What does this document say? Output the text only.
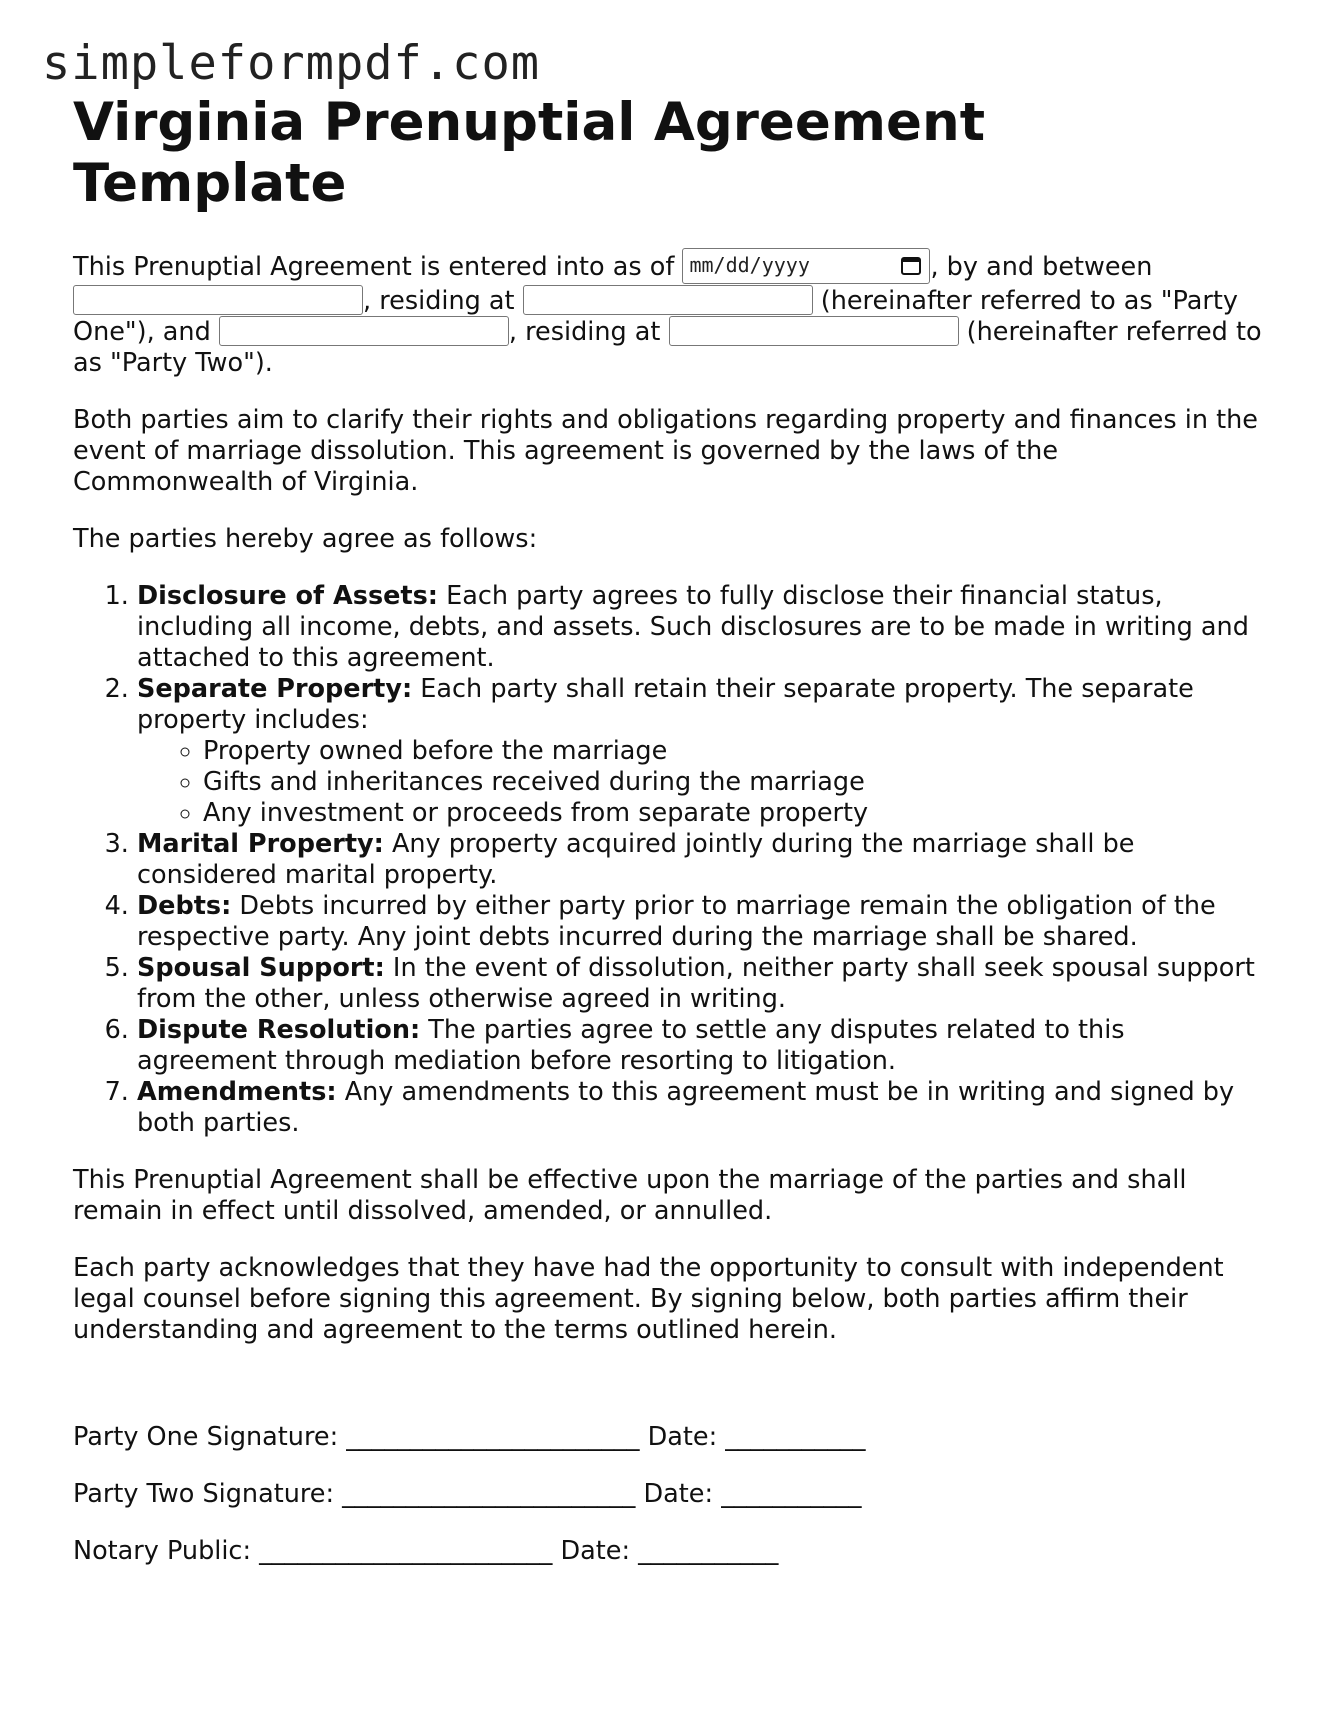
simpleformpdf.com
Virginia Prenuptial Agreement Template

This Prenuptial Agreement is entered into as of mm/dd/yyyy	, by and between , residing at	(hereinafter referred to as "Party One"), and	, residing at	(hereinafter referred to as "Party Two").

Both parties aim to clarify their rights and obligations regarding property and finances in the event of marriage dissolution. This agreement is governed by the laws of the Commonwealth of Virginia.

The parties hereby agree as follows:

1. Disclosure of Assets: Each party agrees to fully disclose their financial status, including all income, debts, and assets. Such disclosures are to be made in writing and attached to this agreement.
2. Separate Property: Each party shall retain their separate property. The separate property includes:
◦ Property owned before the marriage
◦ Gifts and inheritances received during the marriage
◦ Any investment or proceeds from separate property
3. Marital Property: Any property acquired jointly during the marriage shall be considered marital property.
4. Debts: Debts incurred by either party prior to marriage remain the obligation of the respective party. Any joint debts incurred during the marriage shall be shared.
5. Spousal Support: In the event of dissolution, neither party shall seek spousal support from the other, unless otherwise agreed in writing.
6. Dispute Resolution: The parties agree to settle any disputes related to this agreement through mediation before resorting to litigation.
7. Amendments: Any amendments to this agreement must be in writing and signed by both parties.

This Prenuptial Agreement shall be effective upon the marriage of the parties and shall remain in effect until dissolved, amended, or annulled.

Each party acknowledges that they have had the opportunity to consult with independent legal counsel before signing this agreement. By signing below, both parties affirm their understanding and agreement to the terms outlined herein.

Party One Signature: _______________________ Date: ___________

Party Two Signature: _______________________ Date: ___________

Notary Public: _______________________ Date: ___________
